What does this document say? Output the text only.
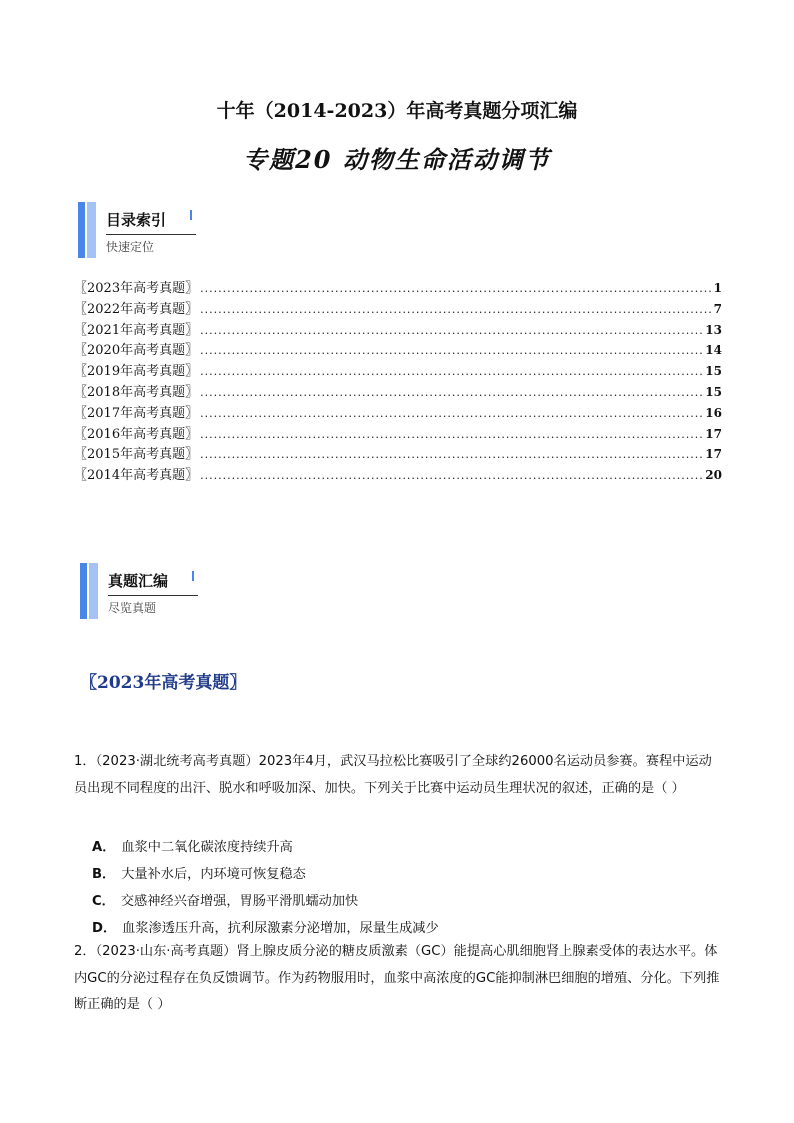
十年（2014-2023）年高考真题分项汇编
专题20 动物生命活动调节
目录索引
快速定位
〖2023年高考真题〗 .....	1
〖2022年高考真题〗 .....	7
〖2021年高考真题〗 .....	13
〖2020年高考真题〗 .....	14
〖2019年高考真题〗 .....	15
〖2018年高考真题〗 .....	15
〖2017年高考真题〗 .....	16
〖2016年高考真题〗 .....	17
〖2015年高考真题〗 .....	17
〖2014年高考真题〗 .....	20
真题汇编
尽览真题
〖2023年高考真题〗
1．（2023·湖北统考高考真题）2023年4月，武汉马拉松比赛吸引了全球约26000名运动员参赛。赛程中运动员出现不同程度的出汗、脱水和呼吸加深、加快。下列关于比赛中运动员生理状况的叙述，正确的是（ ）
A． 血浆中二氧化碳浓度持续升高
B． 大量补水后，内环境可恢复稳态
C． 交感神经兴奋增强，胃肠平滑肌蠕动加快
D． 血浆渗透压升高，抗利尿激素分泌增加，尿量生成减少
2．（2023·山东·高考真题）肾上腺皮质分泌的糖皮质激素（GC）能提高心肌细胞肾上腺素受体的表达水平。体内GC的分泌过程存在负反馈调节。作为药物服用时，血浆中高浓度的GC能抑制淋巴细胞的增殖、分化。下列推断正确的是（ ）
